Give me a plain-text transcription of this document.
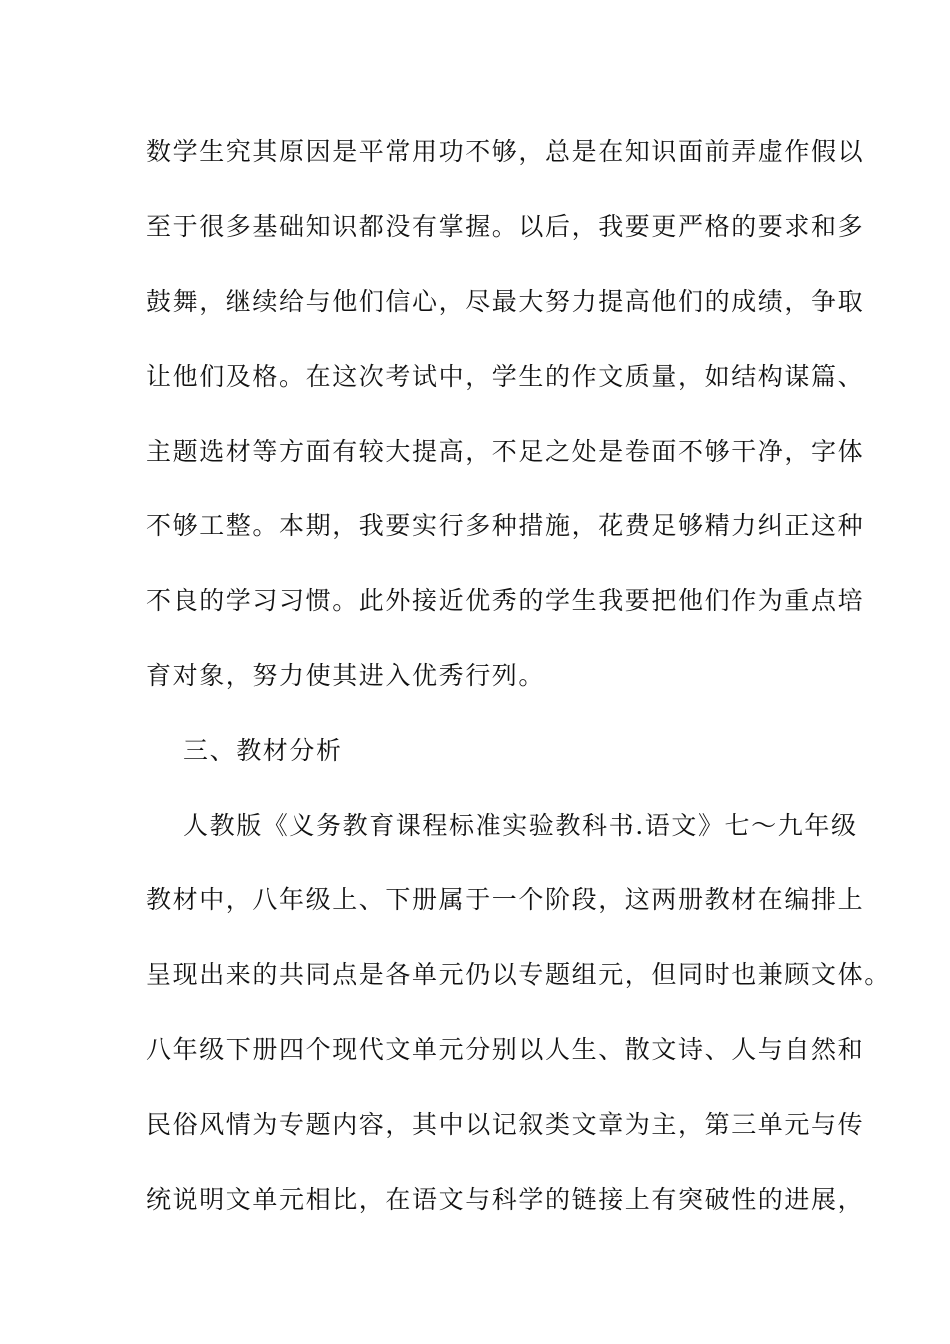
数学生究其原因是平常用功不够，总是在知识面前弄虚作假以
至于很多基础知识都没有掌握。以后，我要更严格的要求和多
鼓舞，继续给与他们信心，尽最大努力提高他们的成绩，争取
让他们及格。在这次考试中，学生的作文质量，如结构谋篇、
主题选材等方面有较大提高，不足之处是卷面不够干净，字体
不够工整。本期，我要实行多种措施，花费足够精力纠正这种
不良的学习习惯。此外接近优秀的学生我要把他们作为重点培
育对象，努力使其进入优秀行列。
三、教材分析
人教版《义务教育课程标准实验教科书.语文》七～九年级
教材中，八年级上、下册属于一个阶段，这两册教材在编排上
呈现出来的共同点是各单元仍以专题组元，但同时也兼顾文体。
八年级下册四个现代文单元分别以人生、散文诗、人与自然和
民俗风情为专题内容，其中以记叙类文章为主，第三单元与传
统说明文单元相比，在语文与科学的链接上有突破性的进展，
